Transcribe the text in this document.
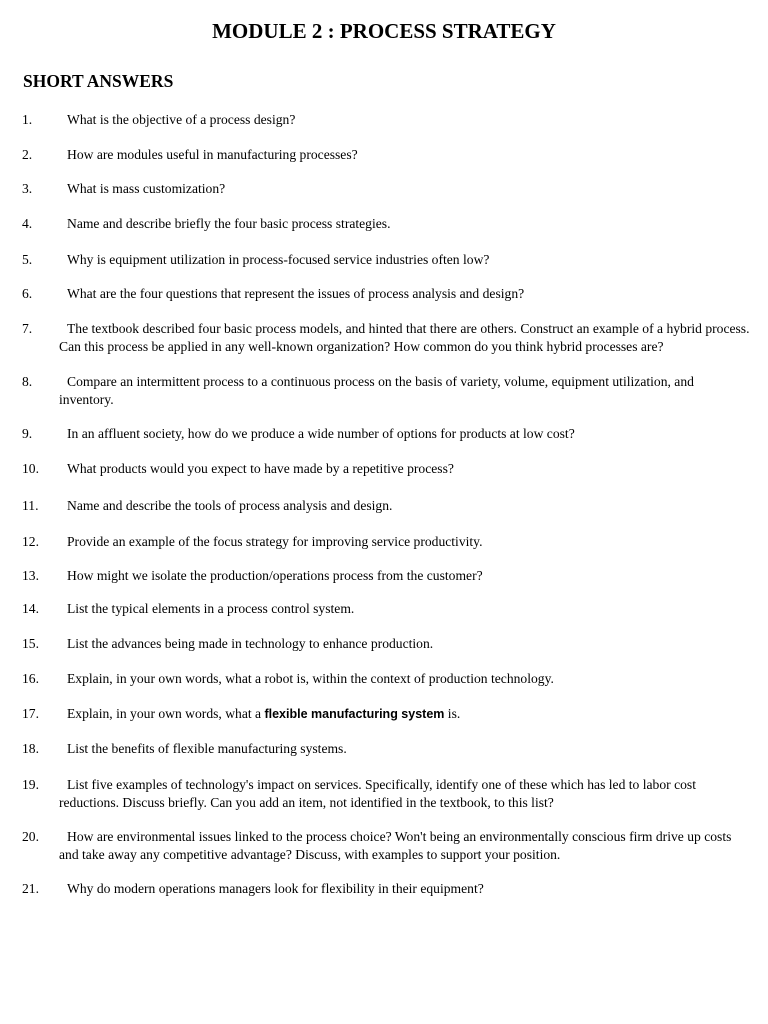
MODULE 2 : PROCESS STRATEGY
SHORT ANSWERS
1.	What is the objective of a process design?
2.	How are modules useful in manufacturing processes?
3.	What is mass customization?
4.	Name and describe briefly the four basic process strategies.
5.	Why is equipment utilization in process-focused service industries often low?
6.	What are the four questions that represent the issues of process analysis and design?
7.	The textbook described four basic process models, and hinted that there are others. Construct an example of a hybrid process. Can this process be applied in any well-known organization? How common do you think hybrid processes are?
8.	Compare an intermittent process to a continuous process on the basis of variety, volume, equipment utilization, and inventory.
9.	In an affluent society, how do we produce a wide number of options for products at low cost?
10.	What products would you expect to have made by a repetitive process?
11.	Name and describe the tools of process analysis and design.
12.	Provide an example of the focus strategy for improving service productivity.
13.	How might we isolate the production/operations process from the customer?
14.	List the typical elements in a process control system.
15.	List the advances being made in technology to enhance production.
16.	Explain, in your own words, what a robot is, within the context of production technology.
17.	Explain, in your own words, what a flexible manufacturing system is.
18.	List the benefits of flexible manufacturing systems.
19.	List five examples of technology's impact on services. Specifically, identify one of these which has led to labor cost reductions. Discuss briefly. Can you add an item, not identified in the textbook, to this list?
20.	How are environmental issues linked to the process choice? Won't being an environmentally conscious firm drive up costs and take away any competitive advantage? Discuss, with examples to support your position.
21.	Why do modern operations managers look for flexibility in their equipment?
